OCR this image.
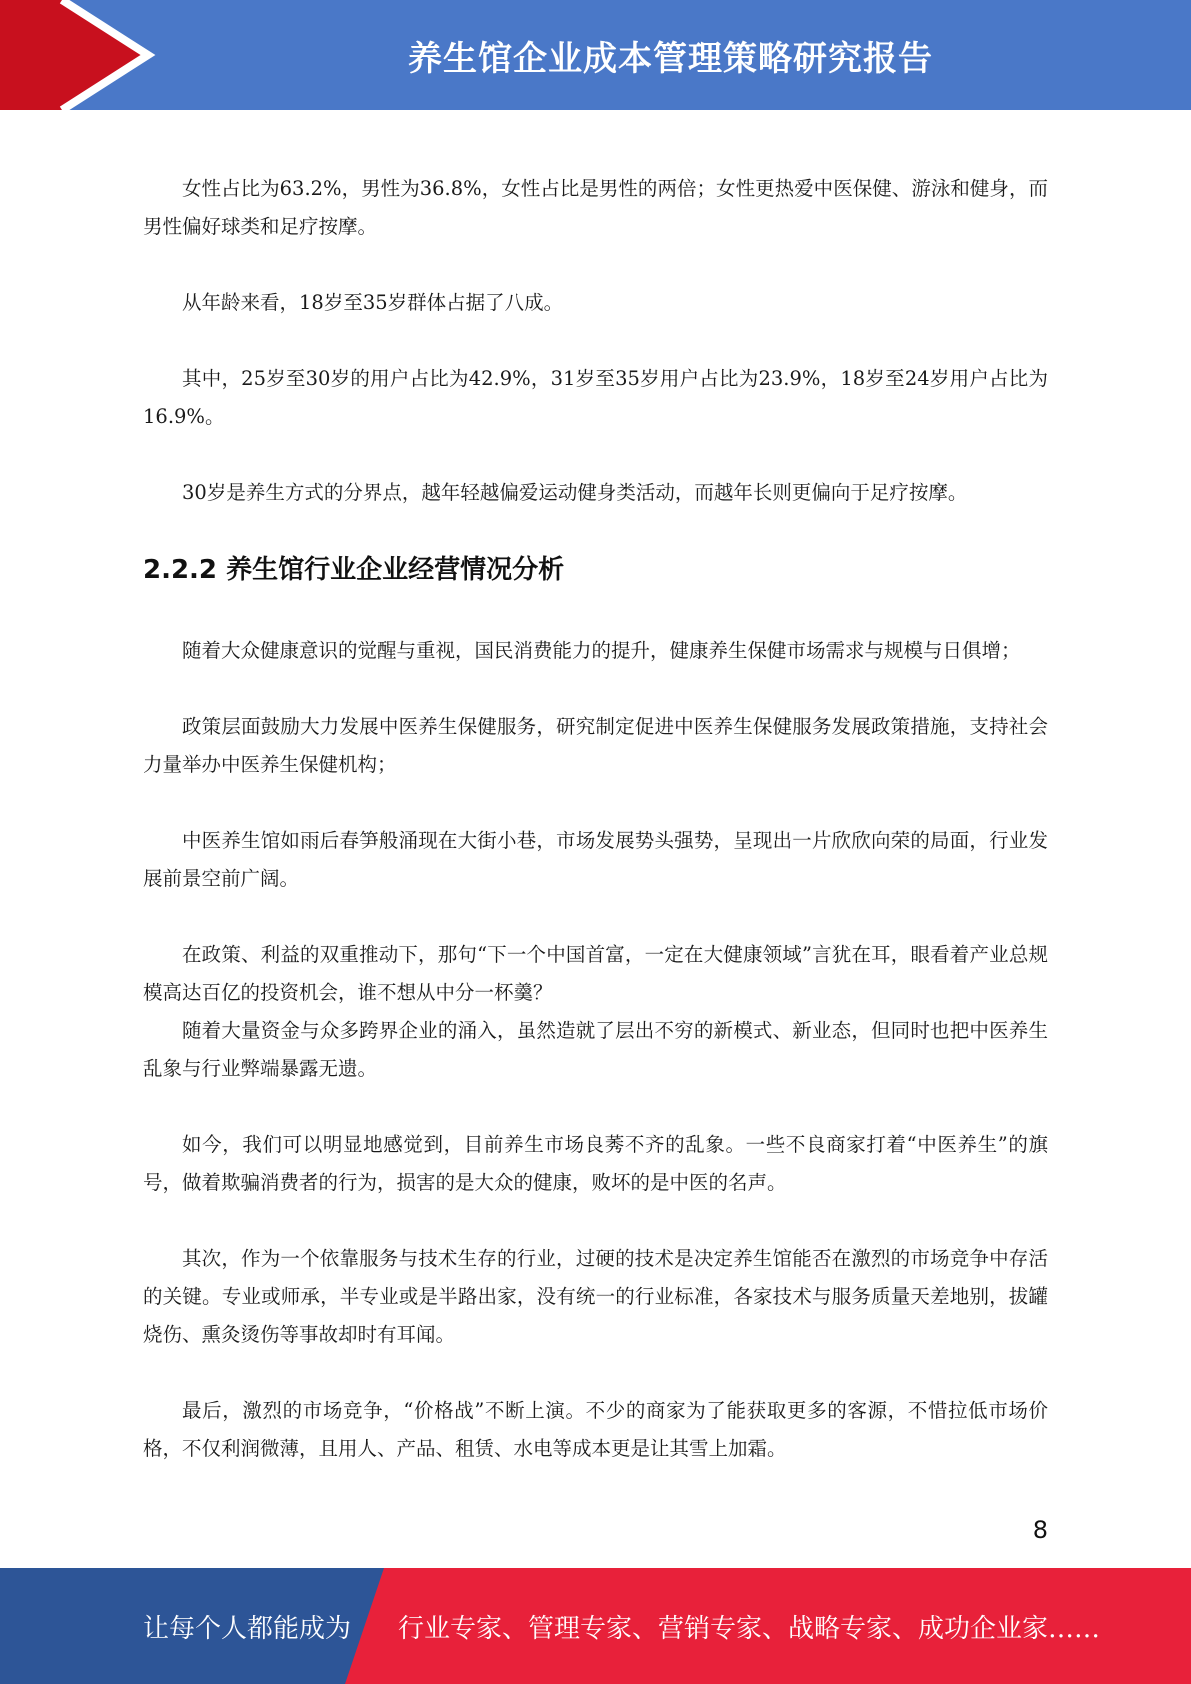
养生馆企业成本管理策略研究报告

女性占比为63.2%，男性为36.8%，女性占比是男性的两倍；女性更热爱中医保健、游泳和健身，而男性偏好球类和足疗按摩。

从年龄来看，18岁至35岁群体占据了八成。

其中，25岁至30岁的用户占比为42.9%，31岁至35岁用户占比为23.9%，18岁至24岁用户占比为16.9%。

30岁是养生方式的分界点，越年轻越偏爱运动健身类活动，而越年长则更偏向于足疗按摩。

2.2.2 养生馆行业企业经营情况分析

随着大众健康意识的觉醒与重视，国民消费能力的提升，健康养生保健市场需求与规模与日俱增；

政策层面鼓励大力发展中医养生保健服务，研究制定促进中医养生保健服务发展政策措施，支持社会力量举办中医养生保健机构；

中医养生馆如雨后春笋般涌现在大街小巷，市场发展势头强势，呈现出一片欣欣向荣的局面，行业发展前景空前广阔。

在政策、利益的双重推动下，那句“下一个中国首富，一定在大健康领域”言犹在耳，眼看着产业总规模高达百亿的投资机会，谁不想从中分一杯羹？

随着大量资金与众多跨界企业的涌入，虽然造就了层出不穷的新模式、新业态，但同时也把中医养生乱象与行业弊端暴露无遗。

如今，我们可以明显地感觉到，目前养生市场良莠不齐的乱象。一些不良商家打着“中医养生”的旗号，做着欺骗消费者的行为，损害的是大众的健康，败坏的是中医的名声。

其次，作为一个依靠服务与技术生存的行业，过硬的技术是决定养生馆能否在激烈的市场竞争中存活的关键。专业或师承，半专业或是半路出家，没有统一的行业标准，各家技术与服务质量天差地别，拔罐烧伤、熏灸烫伤等事故却时有耳闻。

最后，激烈的市场竞争，“价格战”不断上演。不少的商家为了能获取更多的客源，不惜拉低市场价格，不仅利润微薄，且用人、产品、租赁、水电等成本更是让其雪上加霜。

8
让每个人都能成为 行业专家、管理专家、营销专家、战略专家、成功企业家……
